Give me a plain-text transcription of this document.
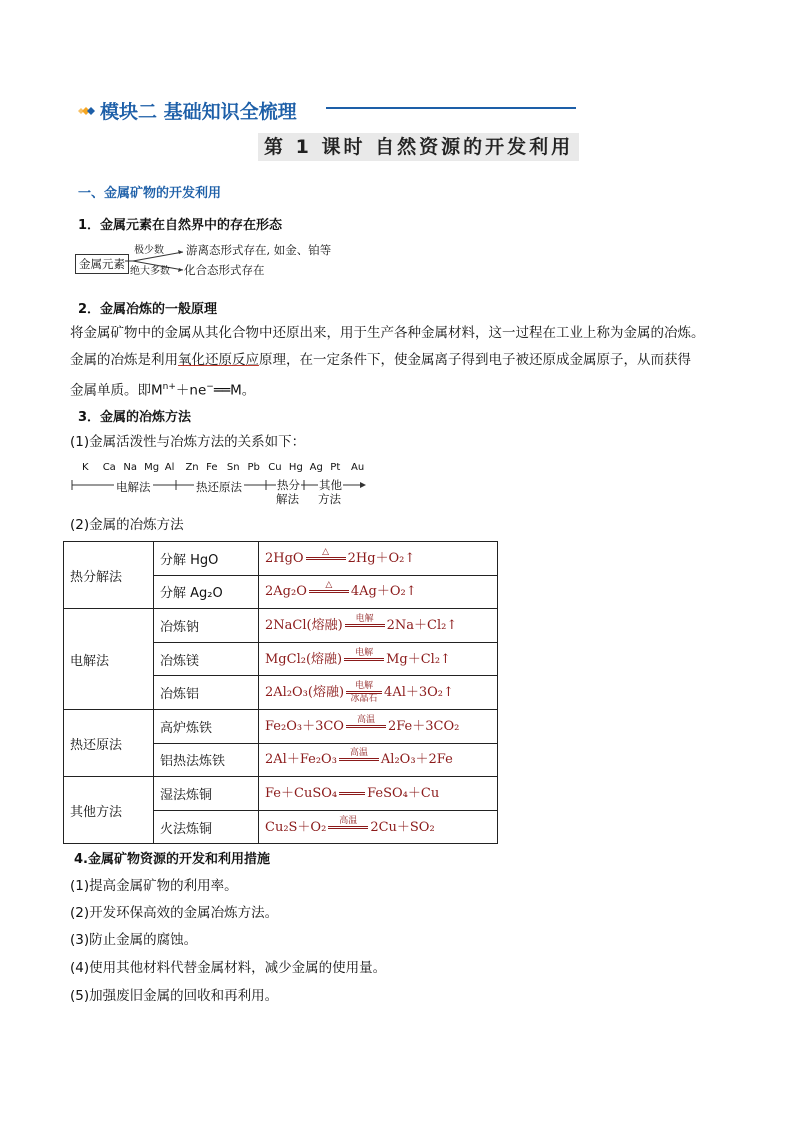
模块二 基础知识全梳理
第 1 课时 自然资源的开发利用
一、金属矿物的开发利用
1．金属元素在自然界中的存在形态
金属元素
极少数
绝大多数
游离态形式存在, 如金、铂等
化合态形式存在
2．金属冶炼的一般原理
将金属矿物中的金属从其化合物中还原出来，用于生产各种金属材料，这一过程在工业上称为金属的冶炼。
金属的冶炼是利用氧化还原反应原理，在一定条件下，使金属离子得到电子被还原成金属原子，从而获得
金属单质。即$M^{n+}+ne^-══M$。
3．金属的冶炼方法
(1)金属活泼性与冶炼方法的关系如下：
K Ca Na Mg Al Zn Fe Sn Pb Cu Hg Ag Pt Au
电解法	热还原法	热分
解法
其他
方法
(2)金属的冶炼方法
热分解法	分解 HgO	2HgO △
2Hg＋O₂↑
	分解 Ag₂O	2Ag₂O △
4Ag＋O₂↑
电解法	冶炼钠	2NaCl(熔融) 电解
2Na＋Cl₂↑
	冶炼镁	MgCl₂(熔融) 电解
Mg＋Cl₂↑
	冶炼铝	2Al₂O₃(熔融) 电解
冰晶石 4Al＋3O₂↑
热还原法	高炉炼铁	Fe₂O₃＋3CO 高温
2Fe＋3CO₂
	铝热法炼铁	2Al＋Fe₂O₃ 高温
Al₂O₃＋2Fe
其他方法	湿法炼铜	Fe＋CuSO₄

FeSO₄＋Cu
	火法炼铜	Cu₂S＋O₂ 高温
2Cu＋SO₂
4.金属矿物资源的开发和利用措施
(1)提高金属矿物的利用率。
(2)开发环保高效的金属冶炼方法。
(3)防止金属的腐蚀。
(4)使用其他材料代替金属材料，减少金属的使用量。
(5)加强废旧金属的回收和再利用。
